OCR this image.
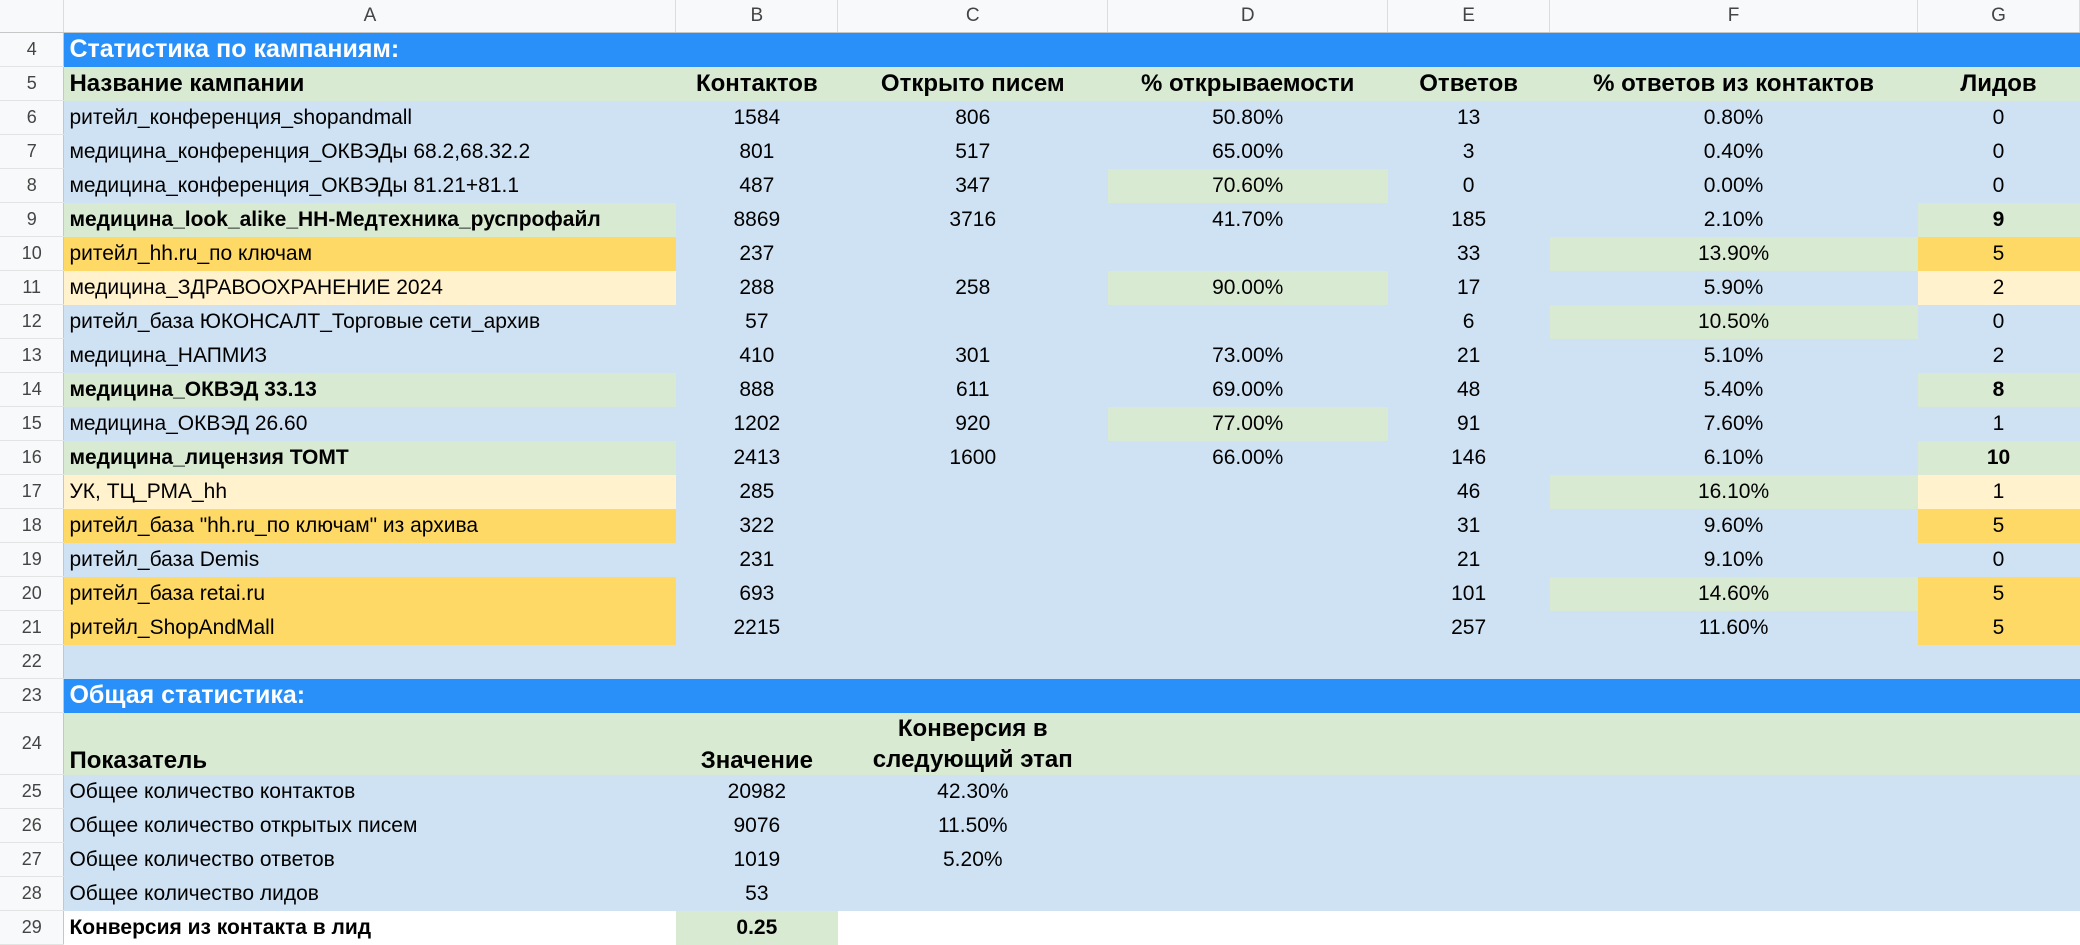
	A	B	C	D	E	F	G
4	Статистика по кампаниям:						
5	Название кампании	Контактов	Открыто писем	% открываемости	Ответов	% ответов из контактов	Лидов
6	ритейл_конференция_shopandmall	1584	806	50.80%	13	0.80%	0
7	медицина_конференция_ОКВЭДы 68.2,68.32.2	801	517	65.00%	3	0.40%	0
8	медицина_конференция_ОКВЭДы 81.21+81.1	487	347	70.60%	0	0.00%	0
9	медицина_look_alike_HH-Медтехника_руспрофайл	8869	3716	41.70%	185	2.10%	9
10	ритейл_hh.ru_по ключам	237			33	13.90%	5
11	медицина_ЗДРАВООХРАНЕНИЕ 2024	288	258	90.00%	17	5.90%	2
12	ритейл_база ЮКОНСАЛТ_Торговые сети_архив	57			6	10.50%	0
13	медицина_НАПМИЗ	410	301	73.00%	21	5.10%	2
14	медицина_ОКВЭД 33.13	888	611	69.00%	48	5.40%	8
15	медицина_ОКВЭД 26.60	1202	920	77.00%	91	7.60%	1
16	медицина_лицензия ТОМТ	2413	1600	66.00%	146	6.10%	10
17	УК, ТЦ_РМА_hh	285			46	16.10%	1
18	ритейл_база "hh.ru_по ключам" из архива	322			31	9.60%	5
19	ритейл_база Demis	231			21	9.10%	0
20	ритейл_база retai.ru	693			101	14.60%	5
21	ритейл_ShopAndMall	2215			257	11.60%	5
22							
23	Общая статистика:						
24	Показатель	Значение	Конверсия в следующий этап				
25	Общее количество контактов	20982	42.30%				
26	Общее количество открытых писем	9076	11.50%				
27	Общее количество ответов	1019	5.20%				
28	Общее количество лидов	53					
29	Конверсия из контакта в лид	0.25					
